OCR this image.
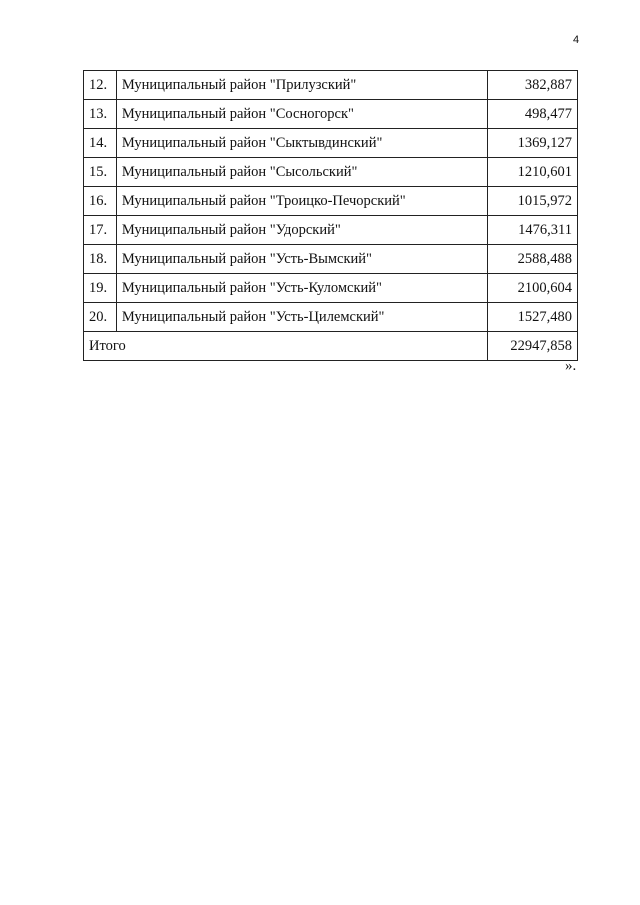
4
12.	Муниципальный район "Прилузский"	382,887
13.	Муниципальный район "Сосногорск"	498,477
14.	Муниципальный район "Сыктывдинский"	1369,127
15.	Муниципальный район "Сысольский"	1210,601
16.	Муниципальный район "Троицко-Печорский"	1015,972
17.	Муниципальный район "Удорский"	1476,311
18.	Муниципальный район "Усть-Вымский"	2588,488
19.	Муниципальный район "Усть-Куломский"	2100,604
20.	Муниципальный район "Усть-Цилемский"	1527,480
Итого		22947,858
».
